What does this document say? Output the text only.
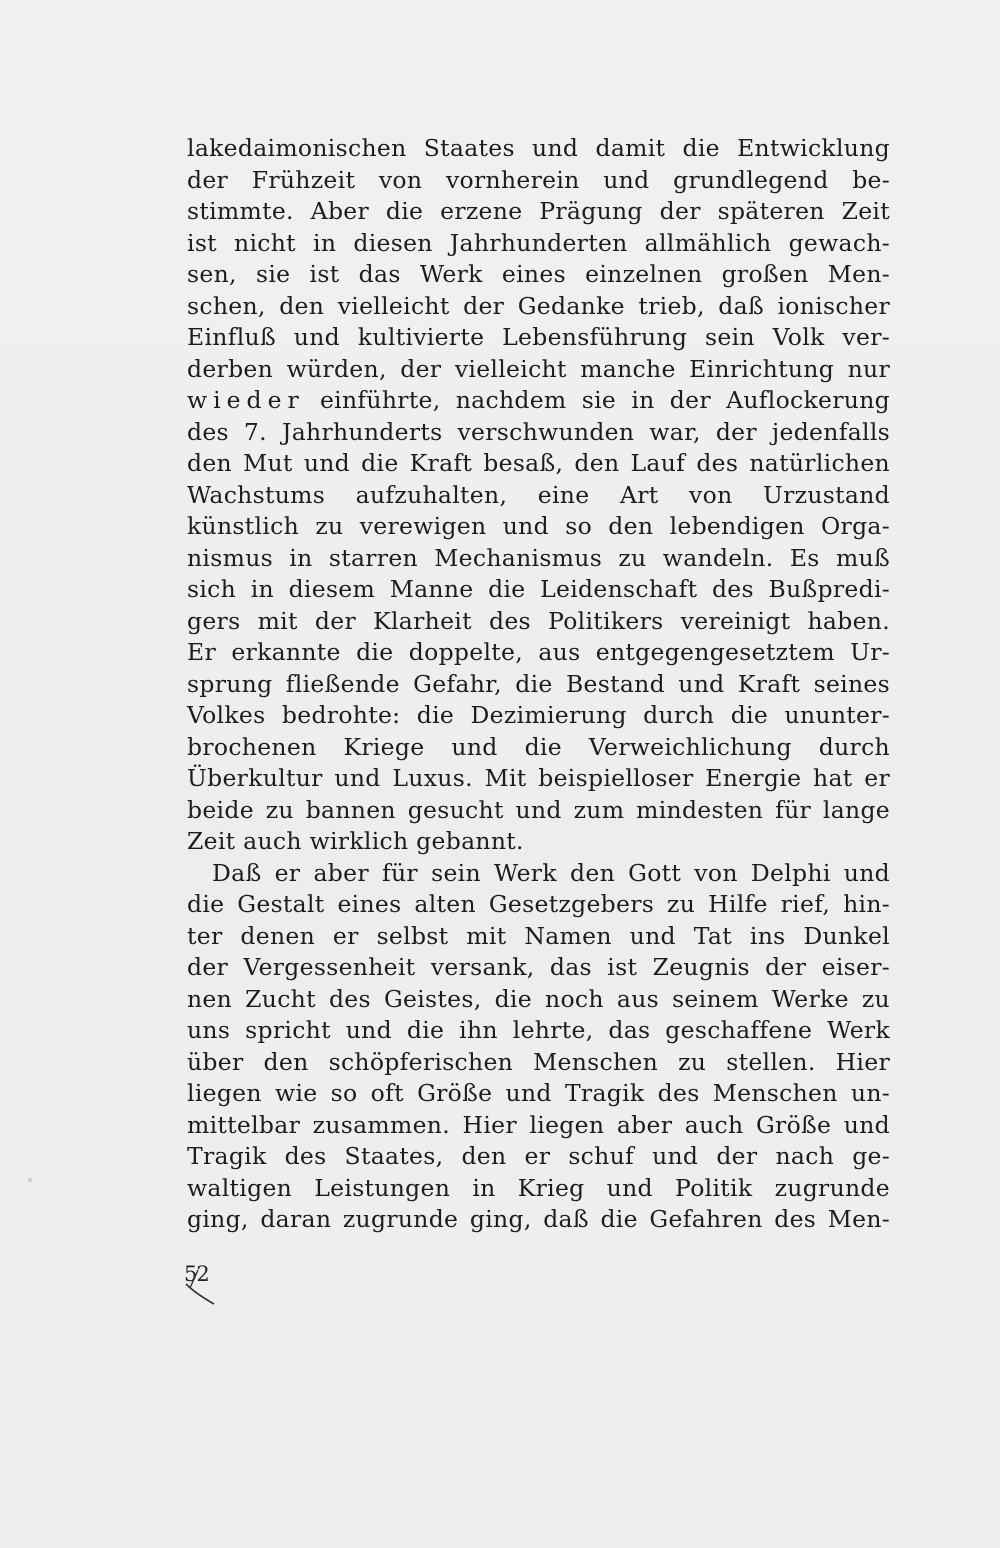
lakedaimonischen Staates und damit die Entwicklung
der Frühzeit von vornherein und grundlegend be-
stimmte. Aber die erzene Prägung der späteren Zeit
ist nicht in diesen Jahrhunderten allmählich gewach-
sen, sie ist das Werk eines einzelnen großen Men-
schen, den vielleicht der Gedanke trieb, daß ionischer
Einfluß und kultivierte Lebensführung sein Volk ver-
derben würden, der vielleicht manche Einrichtung nur
wieder einführte, nachdem sie in der Auflockerung
des 7. Jahrhunderts verschwunden war, der jedenfalls
den Mut und die Kraft besaß, den Lauf des natürlichen
Wachstums aufzuhalten, eine Art von Urzustand
künstlich zu verewigen und so den lebendigen Orga-
nismus in starren Mechanismus zu wandeln. Es muß
sich in diesem Manne die Leidenschaft des Bußpredi-
gers mit der Klarheit des Politikers vereinigt haben.
Er erkannte die doppelte, aus entgegengesetztem Ur-
sprung fließende Gefahr, die Bestand und Kraft seines
Volkes bedrohte: die Dezimierung durch die ununter-
brochenen Kriege und die Verweichlichung durch
Überkultur und Luxus. Mit beispielloser Energie hat er
beide zu bannen gesucht und zum mindesten für lange
Zeit auch wirklich gebannt.
Daß er aber für sein Werk den Gott von Delphi und
die Gestalt eines alten Gesetzgebers zu Hilfe rief, hin-
ter denen er selbst mit Namen und Tat ins Dunkel
der Vergessenheit versank, das ist Zeugnis der eiser-
nen Zucht des Geistes, die noch aus seinem Werke zu
uns spricht und die ihn lehrte, das geschaffene Werk
über den schöpferischen Menschen zu stellen. Hier
liegen wie so oft Größe und Tragik des Menschen un-
mittelbar zusammen. Hier liegen aber auch Größe und
Tragik des Staates, den er schuf und der nach ge-
waltigen Leistungen in Krieg und Politik zugrunde
ging, daran zugrunde ging, daß die Gefahren des Men-
52
